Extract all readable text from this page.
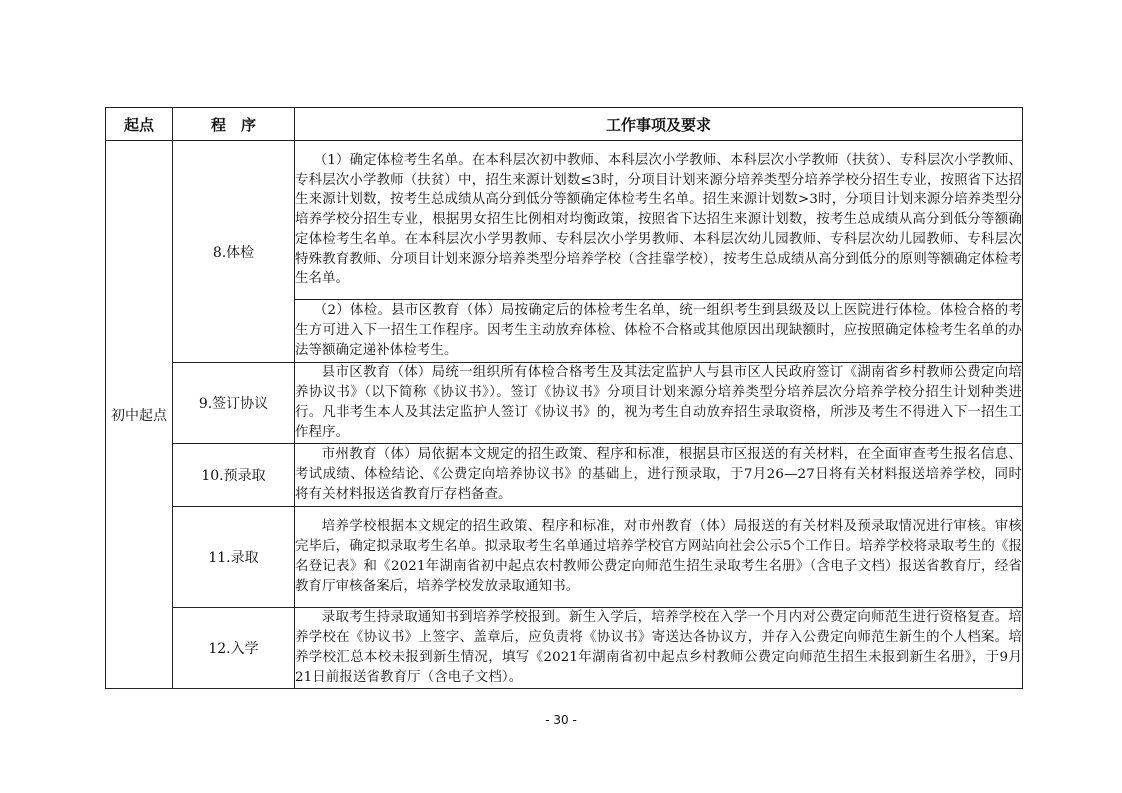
起点	程　序	工作事项及要求
初中起点	8.体检	（1）确定体检考生名单。在本科层次初中教师、本科层次小学教师、本科层次小学教师（扶贫）、专科层次小学教师、专科层次小学教师（扶贫）中，招生来源计划数≤3时，分项目计划来源分培养类型分培养学校分招生专业，按照省下达招生来源计划数，按考生总成绩从高分到低分等额确定体检考生名单。招生来源计划数>3时，分项目计划来源分培养类型分培养学校分招生专业，根据男女招生比例相对均衡政策，按照省下达招生来源计划数，按考生总成绩从高分到低分等额确定体检考生名单。在本科层次小学男教师、专科层次小学男教师、本科层次幼儿园教师、专科层次幼儿园教师、专科层次特殊教育教师、分项目计划来源分培养类型分培养学校（含挂靠学校），按考生总成绩从高分到低分的原则等额确定体检考生名单。
		（2）体检。县市区教育（体）局按确定后的体检考生名单，统一组织考生到县级及以上医院进行体检。体检合格的考生方可进入下一招生工作程序。因考生主动放弃体检、体检不合格或其他原因出现缺额时，应按照确定体检考生名单的办法等额确定递补体检考生。
	9.签订协议	县市区教育（体）局统一组织所有体检合格考生及其法定监护人与县市区人民政府签订《湖南省乡村教师公费定向培养协议书》（以下简称《协议书》）。签订《协议书》分项目计划来源分培养类型分培养层次分培养学校分招生计划种类进行。凡非考生本人及其法定监护人签订《协议书》的，视为考生自动放弃招生录取资格，所涉及考生不得进入下一招生工作程序。
	10.预录取	市州教育（体）局依据本文规定的招生政策、程序和标准，根据县市区报送的有关材料，在全面审查考生报名信息、考试成绩、体检结论、《公费定向培养协议书》的基础上，进行预录取，于7月26—27日将有关材料报送培养学校，同时将有关材料报送省教育厅存档备查。
	11.录取	培养学校根据本文规定的招生政策、程序和标准，对市州教育（体）局报送的有关材料及预录取情况进行审核。审核完毕后，确定拟录取考生名单。拟录取考生名单通过培养学校官方网站向社会公示5个工作日。培养学校将录取考生的《报名登记表》和《2021年湖南省初中起点农村教师公费定向师范生招生录取考生名册》（含电子文档）报送省教育厅，经省教育厅审核备案后，培养学校发放录取通知书。
	12.入学	录取考生持录取通知书到培养学校报到。新生入学后，培养学校在入学一个月内对公费定向师范生进行资格复查。培养学校在《协议书》上签字、盖章后，应负责将《协议书》寄送达各协议方，并存入公费定向师范生新生的个人档案。培养学校汇总本校未报到新生情况，填写《2021年湖南省初中起点乡村教师公费定向师范生招生未报到新生名册》，于9月21日前报送省教育厅（含电子文档）。
- 30 -
